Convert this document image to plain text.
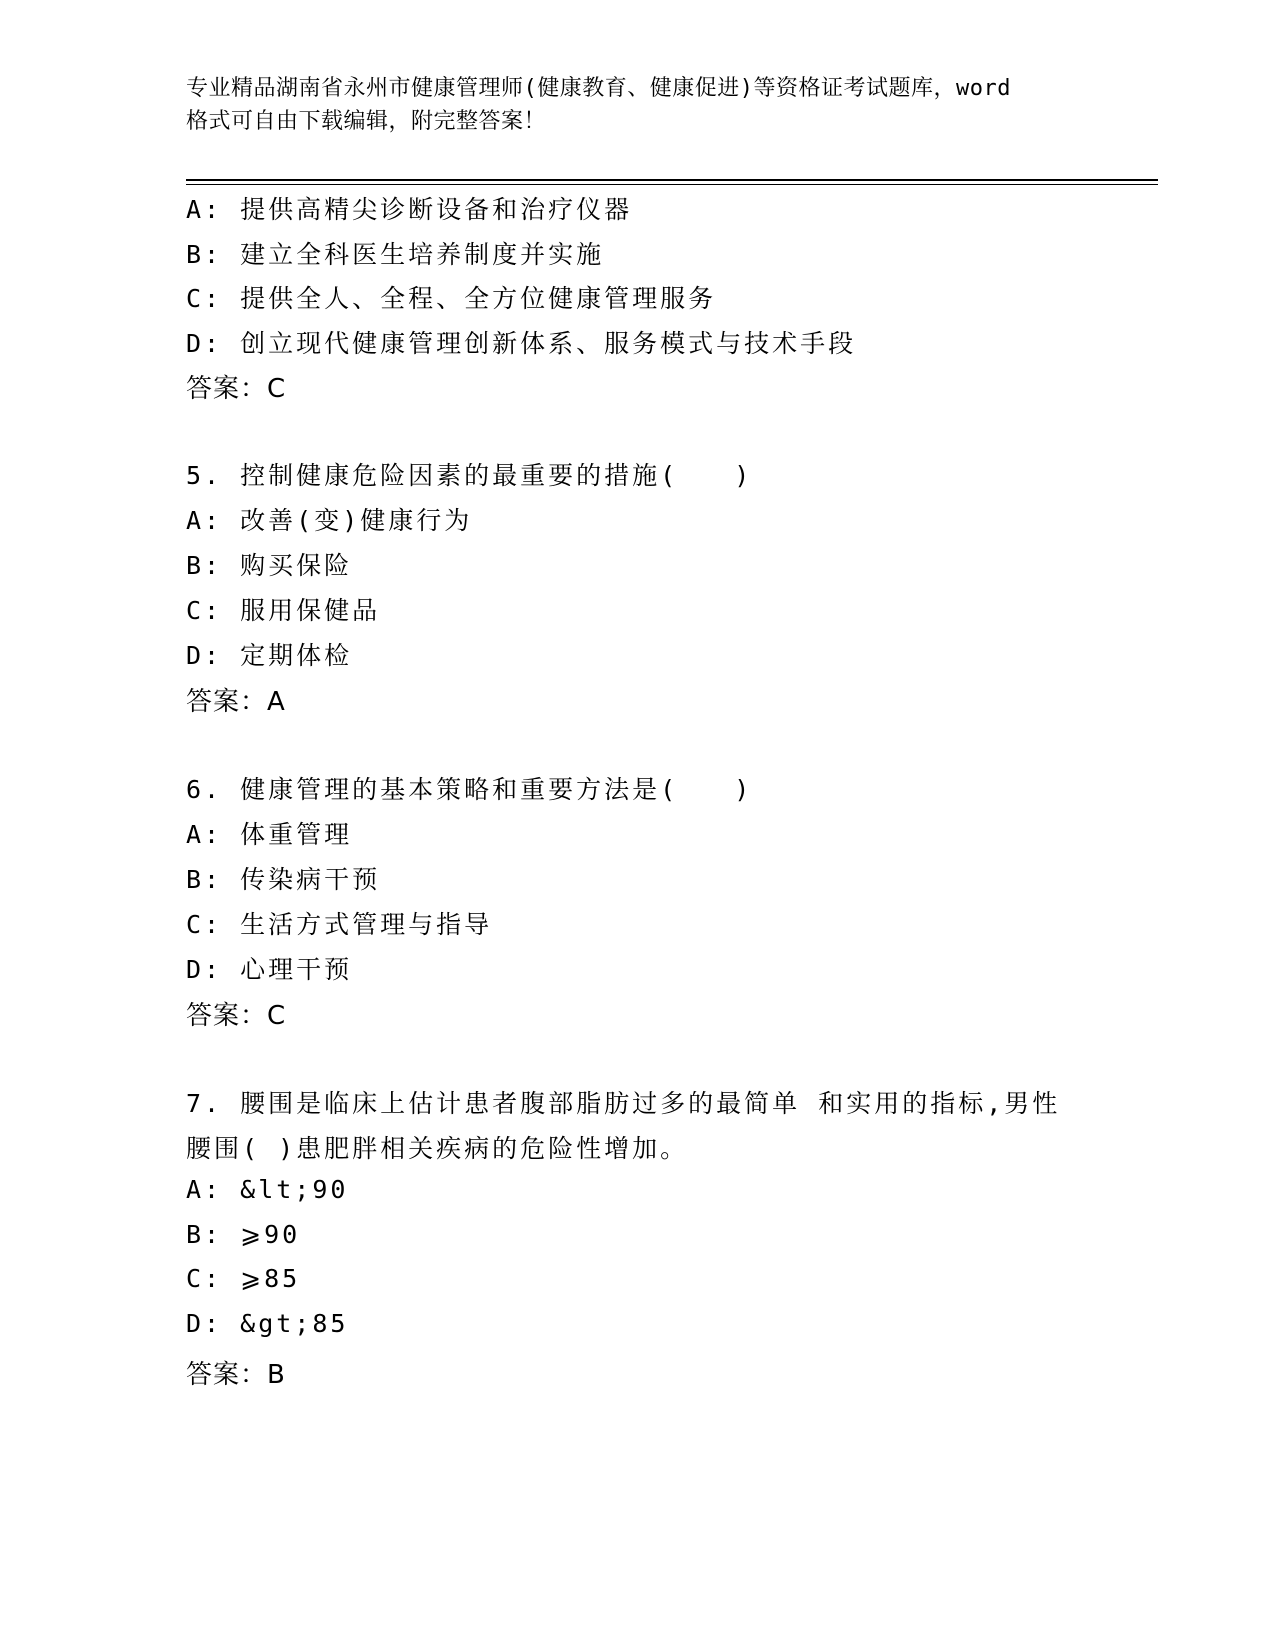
专业精品湖南省永州市健康管理师(健康教育、健康促进)等资格证考试题库，word
格式可自由下载编辑，附完整答案！
A: 提供高精尖诊断设备和治疗仪器
B: 建立全科医生培养制度并实施
C: 提供全人、全程、全方位健康管理服务
D: 创立现代健康管理创新体系、服务模式与技术手段
答案：C
5. 控制健康危险因素的最重要的措施(　　)
A: 改善(变)健康行为
B: 购买保险
C: 服用保健品
D: 定期体检
答案：A
6. 健康管理的基本策略和重要方法是(　　)
A: 体重管理
B: 传染病干预
C: 生活方式管理与指导
D: 心理干预
答案：C
7. 腰围是临床上估计患者腹部脂肪过多的最简单 和实用的指标,男性
腰围( )患肥胖相关疾病的危险性增加。
A: &lt;90
B: ⩾90
C: ⩾85
D: &gt;85
答案：B
